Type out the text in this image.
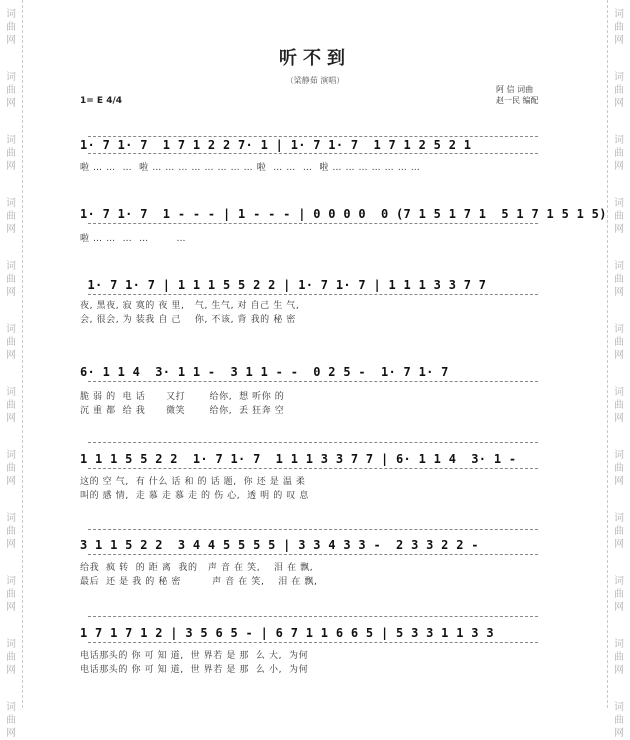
词曲网
词曲网
词曲网
词曲网
词曲网
词曲网
词曲网
词曲网
词曲网
词曲网
词曲网
词曲网
词曲网
词曲网
词曲网
词曲网
词曲网
词曲网
词曲网
词曲网
词曲网
词曲网
词曲网
词曲网
听不到
（梁静茹 演唱）
1= E 4/4
阿 信 词曲
赵一民 编配
1· 7 1· 7  1 7 1 2 2 7· 1 | 1· 7 1· 7  1 7 1 2 5 2 1
啦 … …  …  啦 … … … … … … … … 啦  … …  …  啦 … … … … … … …
1· 7 1· 7  1 - - - | 1 - - - | 0 0 0 0  0 (7 1 5 1 7 1  5 1 7 1 5 1 5)
啦 … …  …  …        …
1· 7 1· 7 | 1 1 1 5 5 2 2 | 1· 7 1· 7 | 1 1 1 3 3 7 7
夜, 黑夜, 寂 寞的 夜 里,   气, 生气, 对 自己 生 气,
会, 很会, 为 装我 自 己    你, 不该, 背 我的 秘 密
6· 1 1 4  3· 1 1 -  3 1 1 - -  0 2 5 -  1· 7 1· 7
脆 弱 的  电 话      又打       给你,  想 听你 的
沉 重 都  给 我      微笑       给你,  丢 狂奔 空
1 1 1 5 5 2 2  1· 7 1· 7  1 1 1 3 3 7 7 | 6· 1 1 4  3· 1 -
这的 空 气,  有 什么 话 和 的 话 题,  你 还 是 温 柔
叫的 感 情,  走 慕 走 慕 走 的 伤 心,  透 明 的 叹 息
3 1 1 5 2 2  3 4 4 5 5 5 5 | 3 3 4 3 3 -  2 3 3 2 2 -
给我  疯 转  的 距 离  我的   声 音 在 笑,    泪 在 飘,
最后  还 是 我 的 秘 密         声 音 在 笑,    泪 在 飘,
1 7 1 7 1 2 | 3 5 6 5 - | 6 7 1 1 6 6 5 | 5 3 3 1 1 3 3
电话那头的 你 可 知 道,  世 界若 是 那  么 大,  为何
电话那头的 你 可 知 道,  世 界若 是 那  么 小,  为何
